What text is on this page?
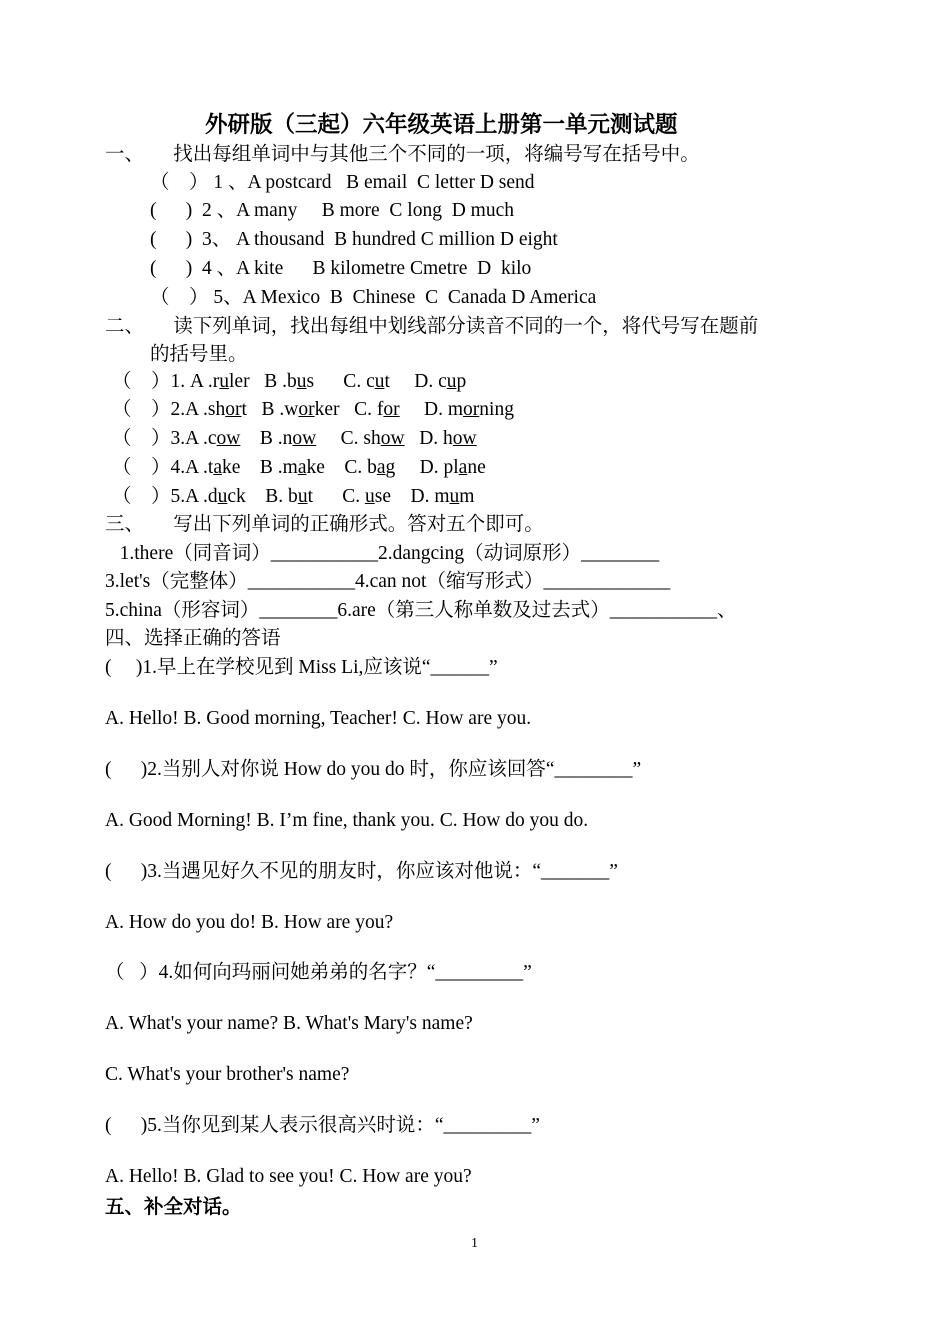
外研版（三起）六年级英语上册第一单元测试题
一、      找出每组单词中与其他三个不同的一项，将编号写在括号中。
（    ） 1 、A postcard   B email  C letter D send
(      )  2 、A many     B more  C long  D much
(      )  3、 A thousand  B hundred C million D eight
(      )  4 、A kite      B kilometre Cmetre  D  kilo
（    ） 5、A Mexico  B  Chinese  C  Canada D America
二、      读下列单词，找出每组中划线部分读音不同的一个，将代号写在题前
的括号里。
（    ）1. A .ruler   B .bus      C. cut     D. cup
（    ）2.A .short   B .worker   C. for     D. morning
（    ）3.A .cow    B .now     C. show   D. how
（    ）4.A .take    B .make    C. bag     D. plane
（    ）5.A .duck    B. but      C. use    D. mum
三、      写出下列单词的正确形式。答对五个即可。
1.there（同音词）___________2.dangcing（动词原形）________
3.let's（完整体）___________4.can not（缩写形式）_____________
5.china（形容词）________6.are（第三人称单数及过去式）___________、
四、选择正确的答语
(     )1.早上在学校见到 Miss Li,应该说“______”
A. Hello! B. Good morning, Teacher! C. How are you.
(      )2.当别人对你说 How do you do 时，你应该回答“________”
A. Good Morning! B. I’m fine, thank you. C. How do you do.
(      )3.当遇见好久不见的朋友时，你应该对他说：“_______”
A. How do you do! B. How are you?
（   ）4.如何向玛丽问她弟弟的名字？“_________”
A. What's your name? B. What's Mary's name?
C. What's your brother's name?
(      )5.当你见到某人表示很高兴时说：“_________”
A. Hello! B. Glad to see you! C. How are you?
五、补全对话。
1
